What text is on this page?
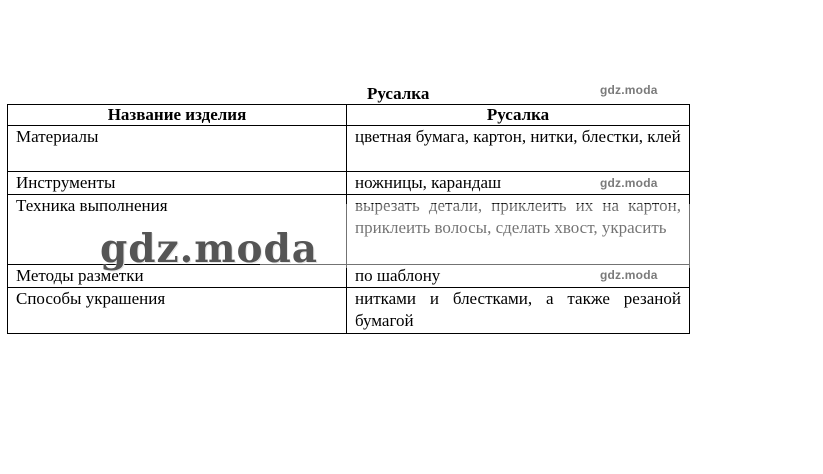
Русалка
Название изделия	Русалка
Материалы	цветная бумага, картон, нитки, блестки, клей
Инструменты	ножницы, карандаш
Техника выполнения	вырезать детали, приклеить их на картон, приклеить волосы, сделать хвост, украсить
Методы разметки	по шаблону
Способы украшения	нитками и блестками, а также резаной бумагой
gdz.moda
gdz.moda
gdz.moda
gdz.moda
